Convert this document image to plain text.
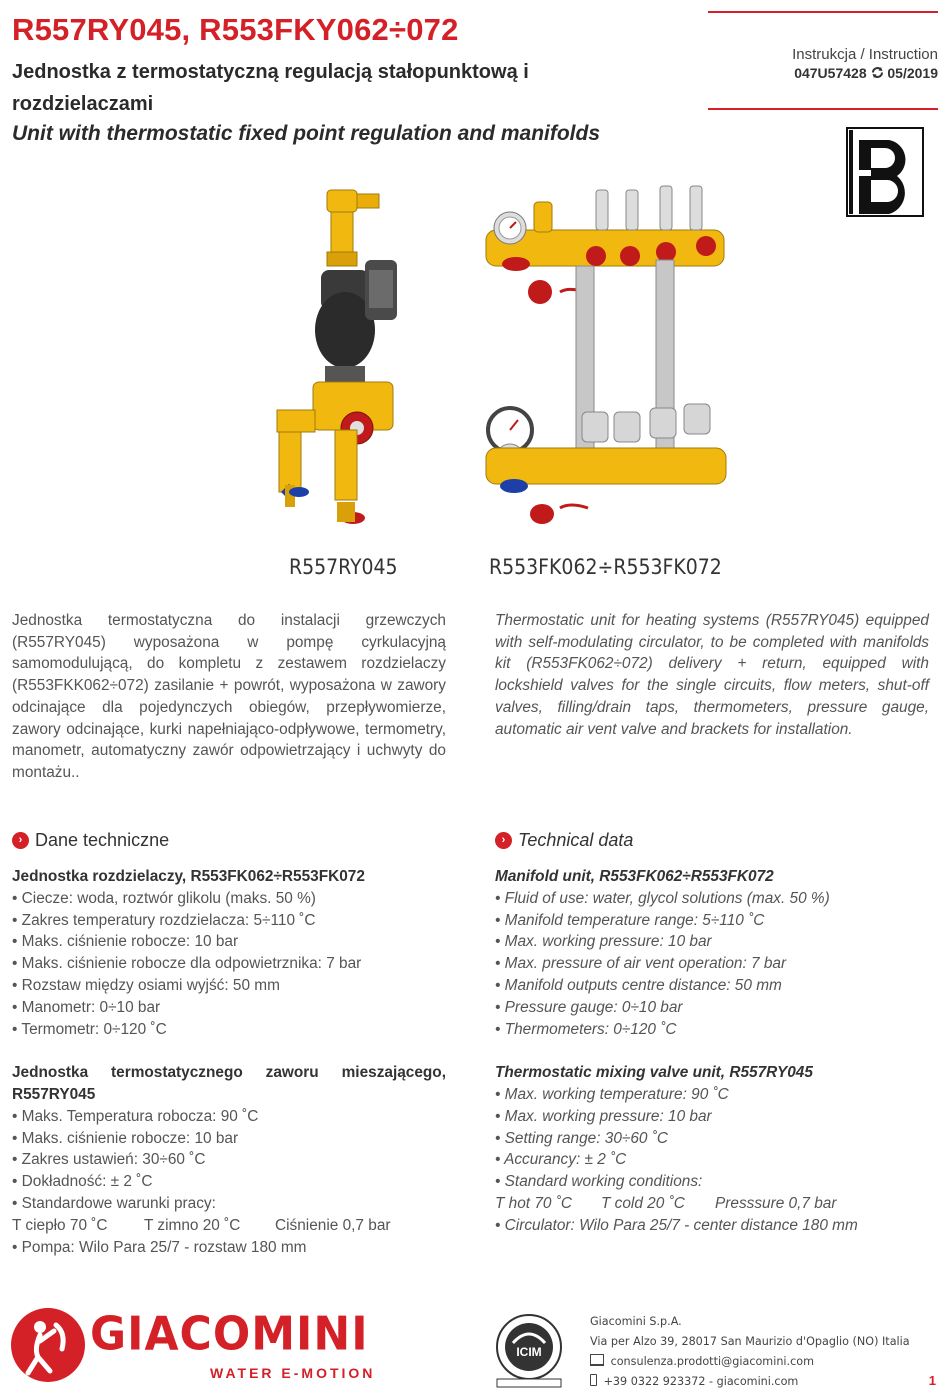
R557RY045, R553FKY062÷072
Jednostka z termostatyczną regulacją stałopunktową i rozdzielaczami
Unit with thermostatic fixed point regulation and manifolds
Instrukcja / Instruction
047U57428 05/2019
R557RY045	R553FK062÷R553FK072
Jednostka termostatyczna do instalacji grzewczych (R557RY045) wyposażona w pompę cyrkulacyjną samomodulującą, do kompletu z zestawem rozdzielaczy (R553FKK062÷072) zasilanie + powrót, wyposażona w zawory odcinające dla pojedynczych obiegów, przepływomierze, zawory odcinające, kurki napełniająco-odpływowe, termometry, manometr, automatyczny zawór odpowietrzający i uchwyty do montażu..
Thermostatic unit for heating systems (R557RY045) equipped with self-modulating circulator, to be completed with manifolds kit (R553FK062÷072) delivery + return, equipped with lockshield valves for the single circuits, flow meters, shut-off valves, filling/drain taps, thermometers, pressure gauge, automatic air vent valve and brackets for installation.
› Dane techniczne	› Technical data
Jednostka rozdzielaczy, R553FK062÷R553FK072
• Ciecze: woda, roztwór glikolu (maks. 50 %)
• Zakres temperatury rozdzielacza: 5÷110 ˚C
• Maks. ciśnienie robocze: 10 bar
• Maks. ciśnienie robocze dla odpowietrznika: 7 bar
• Rozstaw między osiami wyjść: 50 mm
• Manometr: 0÷10 bar
• Termometr: 0÷120 ˚C
Jednostka termostatycznego zaworu mieszającego, R557RY045
• Maks. Temperatura robocza: 90 ˚C
• Maks. ciśnienie robocze: 10 bar
• Zakres ustawień: 30÷60 ˚C
• Dokładność: ± 2 ˚C
• Standardowe warunki pracy:
T ciepło 70 ˚C T zimno 20 ˚C Ciśnienie 0,7 bar
• Pompa: Wilo Para 25/7 - rozstaw 180 mm
Manifold unit, R553FK062÷R553FK072
• Fluid of use: water, glycol solutions (max. 50 %)
• Manifold temperature range: 5÷110 ˚C
• Max. working pressure: 10 bar
• Max. pressure of air vent operation: 7 bar
• Manifold outputs centre distance: 50 mm
• Pressure gauge: 0÷10 bar
• Thermometers: 0÷120 ˚C
Thermostatic mixing valve unit, R557RY045
• Max. working temperature: 90 ˚C
• Max. working pressure: 10 bar
• Setting range: 30÷60 ˚C
• Accurancy: ± 2 ˚C
• Standard working conditions:
T hot 70 ˚C T cold 20 ˚C Presssure 0,7 bar
• Circulator: Wilo Para 25/7 - center distance 180 mm
GIACOMINI
WATER E-MOTION
ICIM
Giacomini S.p.A.
Via per Alzo 39, 28017 San Maurizio d'Opaglio (NO) Italia
consulenza.prodotti@giacomini.com
+39 0322 923372 - giacomini.com	1
